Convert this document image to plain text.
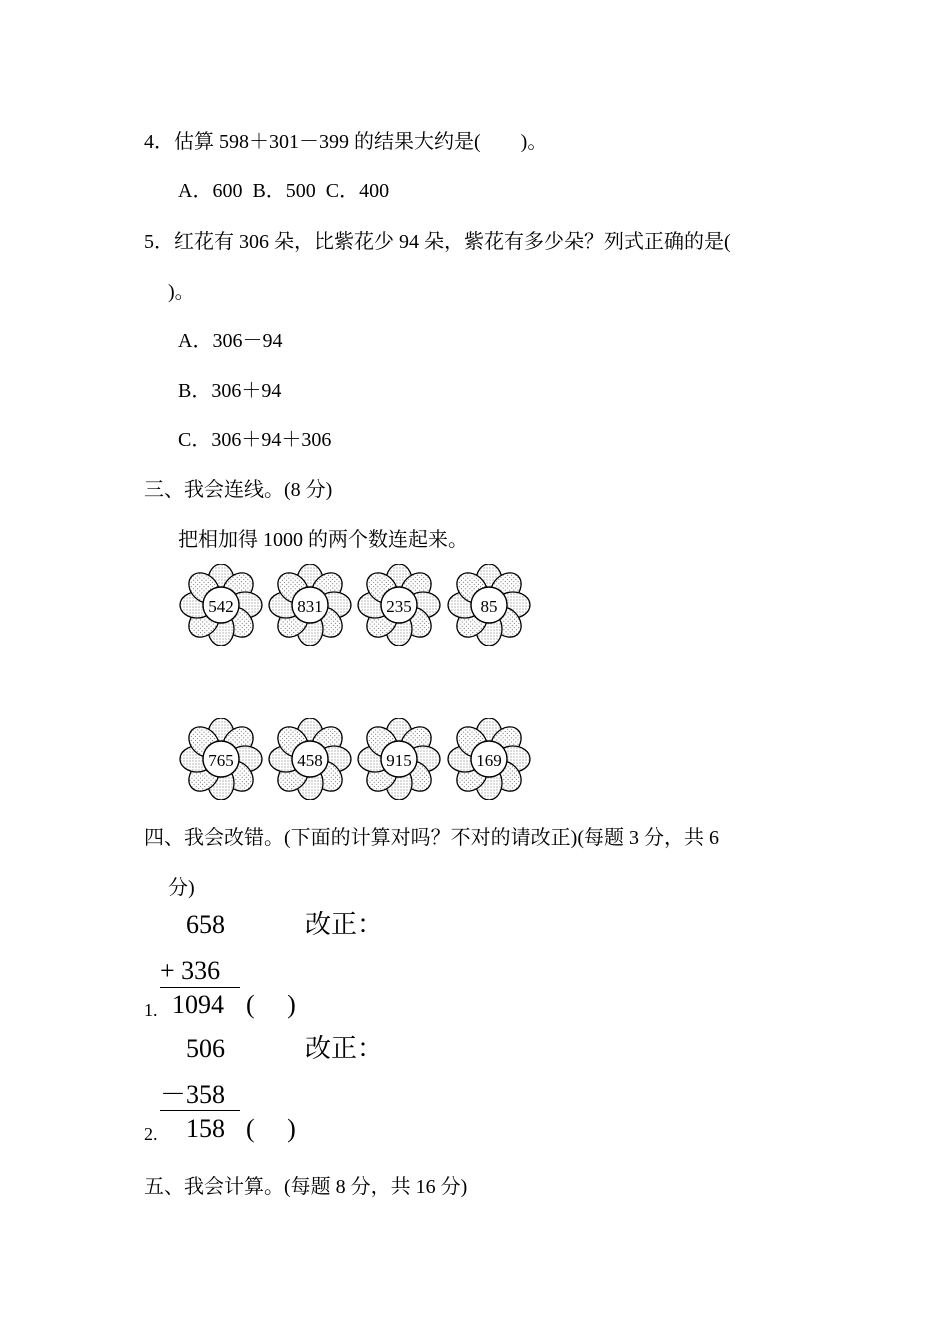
4．估算 598＋301－399 的结果大约是(　　)。
A．600  B．500  C．400
5．红花有 306 朵，比紫花少 94 朵，紫花有多少朵？列式正确的是(
)。
A．306－94
B．306＋94
C．306＋94＋306
三、我会连线。(8 分)
把相加得 1000 的两个数连起来。
542	831	235	85
765	458	915	169
四、我会改错。(下面的计算对吗？不对的请改正)(每题 3 分，共 6
分)
658	改正：
+ 336
1. 1094 (　 )
506	改正：
－358
2. 158 (　 )
五、我会计算。(每题 8 分，共 16 分)
